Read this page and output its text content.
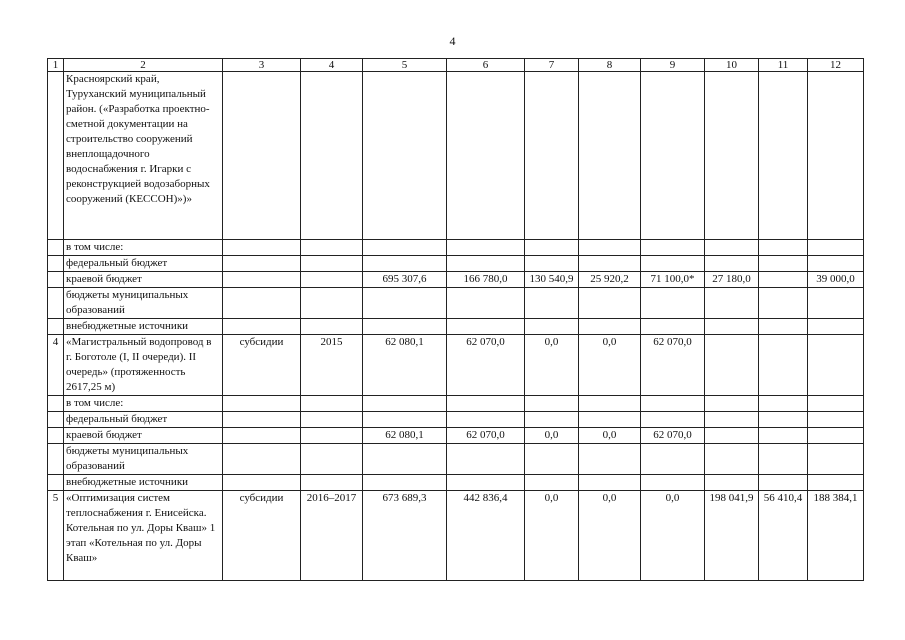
4
1	2	3	4	5	6	7	8	9	10	11	12
	Красноярский край, Туруханский муниципальный район. («Разработка проектно-сметной документации на строительство сооружений внеплощадочного водоснабжения г. Игарки с реконструкцией водозаборных сооружений (КЕССОН)»)»										
	в том числе:										
	федеральный бюджет										
	краевой бюджет			695 307,6	166 780,0	130 540,9	25 920,2	71 100,0*	27 180,0		39 000,0
	бюджеты муниципальных образований										
	внебюджетные источники										
4	«Магистральный водопровод в г. Боготоле (I, II очереди). II очередь» (протяженность 2617,25 м)	субсидии	2015	62 080,1	62 070,0	0,0	0,0	62 070,0			
	в том числе:										
	федеральный бюджет										
	краевой бюджет			62 080,1	62 070,0	0,0	0,0	62 070,0			
	бюджеты муниципальных образований										
	внебюджетные источники										
5	«Оптимизация систем теплоснабжения г. Енисейска. Котельная по ул. Доры Кваш» 1 этап «Котельная по ул. Доры Кваш»	субсидии	2016–2017	673 689,3	442 836,4	0,0	0,0	0,0	198 041,9	56 410,4	188 384,1
